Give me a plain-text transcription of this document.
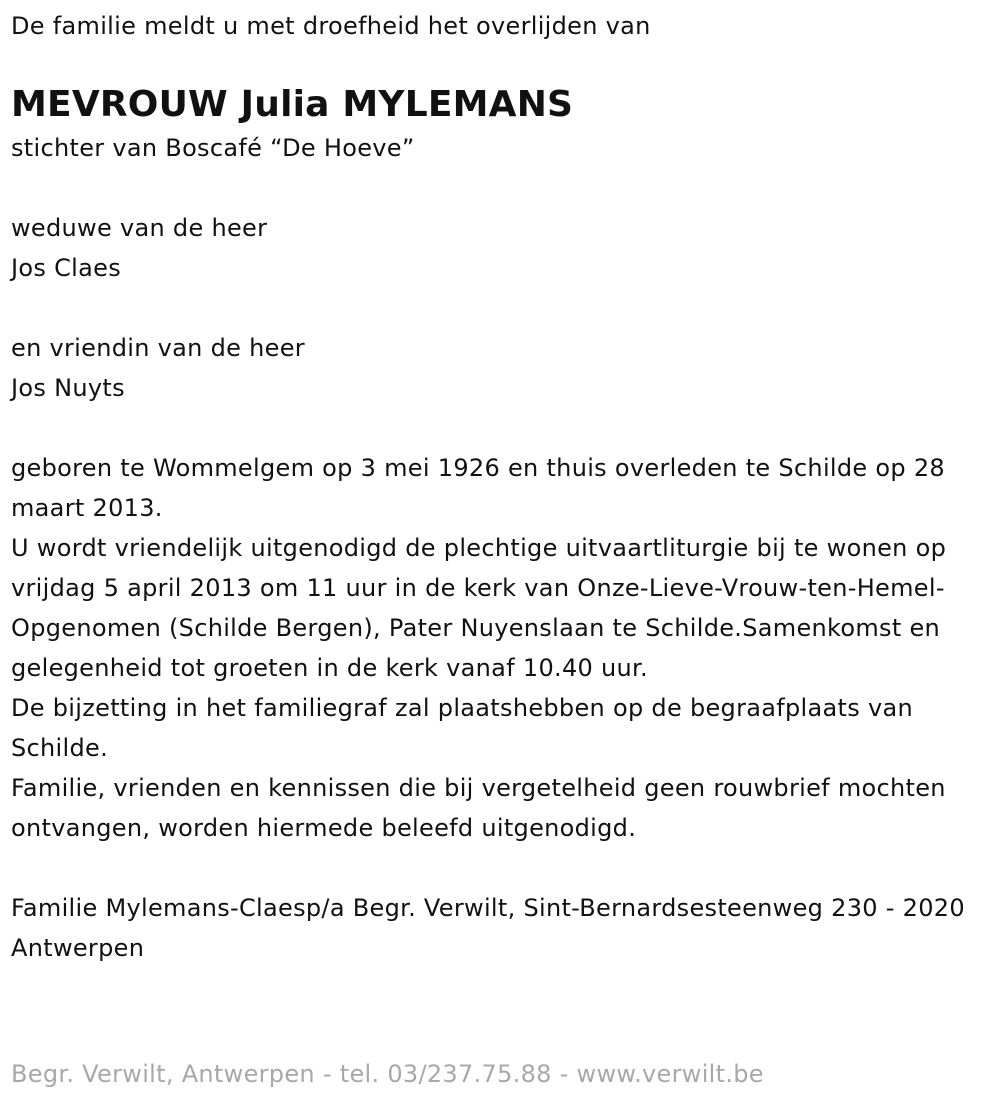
De familie meldt u met droefheid het overlijden van
MEVROUW Julia MYLEMANS
stichter van Boscafé “De Hoeve”
weduwe van de heer
Jos Claes
en vriendin van de heer
Jos Nuyts
geboren te Wommelgem op 3 mei 1926 en thuis overleden te Schilde op 28 maart 2013.
U wordt vriendelijk uitgenodigd de plechtige uitvaartliturgie bij te wonen op vrijdag 5 april 2013 om 11 uur in de kerk van Onze-Lieve-Vrouw-ten-Hemel-Opgenomen (Schilde Bergen), Pater Nuyenslaan te Schilde.Samenkomst en gelegenheid tot groeten in de kerk vanaf 10.40 uur.
De bijzetting in het familiegraf zal plaatshebben op de begraafplaats van Schilde.
Familie, vrienden en kennissen die bij vergetelheid geen rouwbrief mochten ontvangen, worden hiermede beleefd uitgenodigd.
Familie Mylemans-Claesp/a Begr. Verwilt, Sint-Bernardsesteenweg 230 - 2020 Antwerpen
Begr. Verwilt, Antwerpen - tel. 03/237.75.88 - www.verwilt.be
